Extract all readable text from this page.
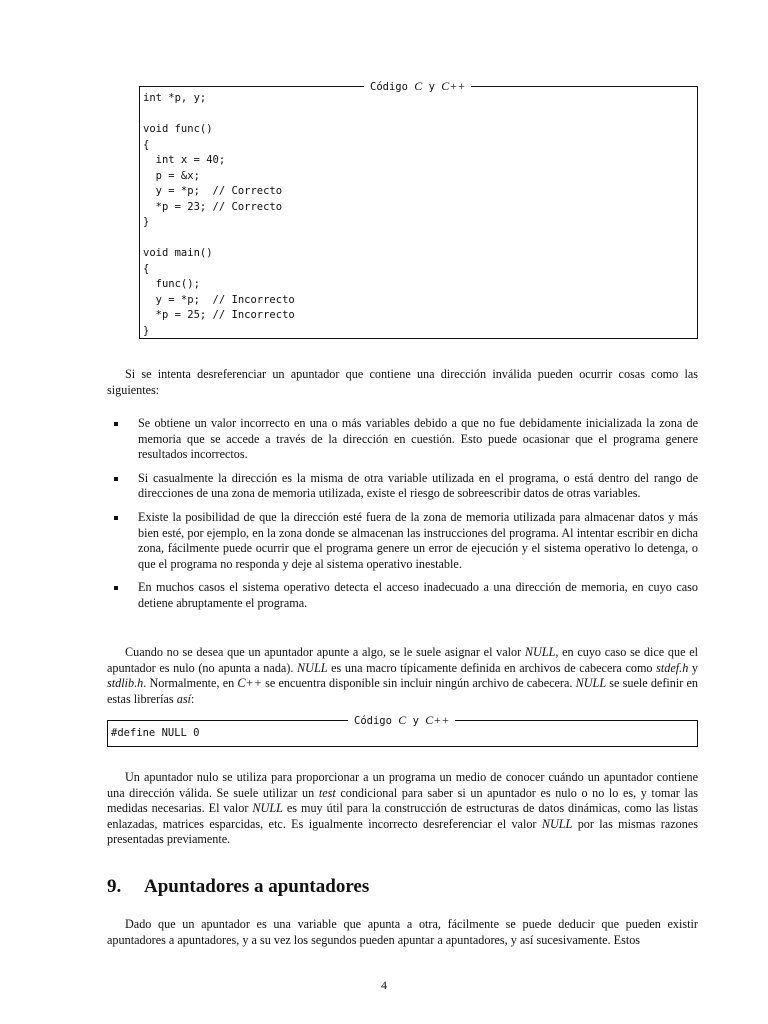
Código C y C++
int *p, y;

void func()
{
int x = 40;
p = &x;
y = *p;  // Correcto
*p = 23; // Correcto
}

void main()
{
func();
y = *p;  // Incorrecto
*p = 25; // Incorrecto
}

Si se intenta desreferenciar un apuntador que contiene una dirección inválida pueden ocurrir cosas como las siguientes:

Se obtiene un valor incorrecto en una o más variables debido a que no fue debidamente inicializada la zona de memoria que se accede a través de la dirección en cuestión. Esto puede ocasionar que el programa genere resultados incorrectos.
Si casualmente la dirección es la misma de otra variable utilizada en el programa, o está dentro del rango de direcciones de una zona de memoria utilizada, existe el riesgo de sobreescribir datos de otras variables.
Existe la posibilidad de que la dirección esté fuera de la zona de memoria utilizada para almacenar datos y más bien esté, por ejemplo, en la zona donde se almacenan las instrucciones del programa. Al intentar escribir en dicha zona, fácilmente puede ocurrir que el programa genere un error de ejecución y el sistema operativo lo detenga, o que el programa no responda y deje al sistema operativo inestable.
En muchos casos el sistema operativo detecta el acceso inadecuado a una dirección de memoria, en cuyo caso detiene abruptamente el programa.

Cuando no se desea que un apuntador apunte a algo, se le suele asignar el valor NULL, en cuyo caso se dice que el apuntador es nulo (no apunta a nada). NULL es una macro típicamente definida en archivos de cabecera como stdef.h y stdlib.h. Normalmente, en C++ se encuentra disponible sin incluir ningún archivo de cabecera. NULL se suele definir en estas librerías así:

Código C y C++
#define NULL 0

Un apuntador nulo se utiliza para proporcionar a un programa un medio de conocer cuándo un apuntador contiene una dirección válida. Se suele utilizar un test condicional para saber si un apuntador es nulo o no lo es, y tomar las medidas necesarias. El valor NULL es muy útil para la construcción de estructuras de datos dinámicas, como las listas enlazadas, matrices esparcidas, etc. Es igualmente incorrecto desreferenciar el valor NULL por las mismas razones presentadas previamente.

9. Apuntadores a apuntadores

Dado que un apuntador es una variable que apunta a otra, fácilmente se puede deducir que pueden existir apuntadores a apuntadores, y a su vez los segundos pueden apuntar a apuntadores, y así sucesivamente. Estos

4
